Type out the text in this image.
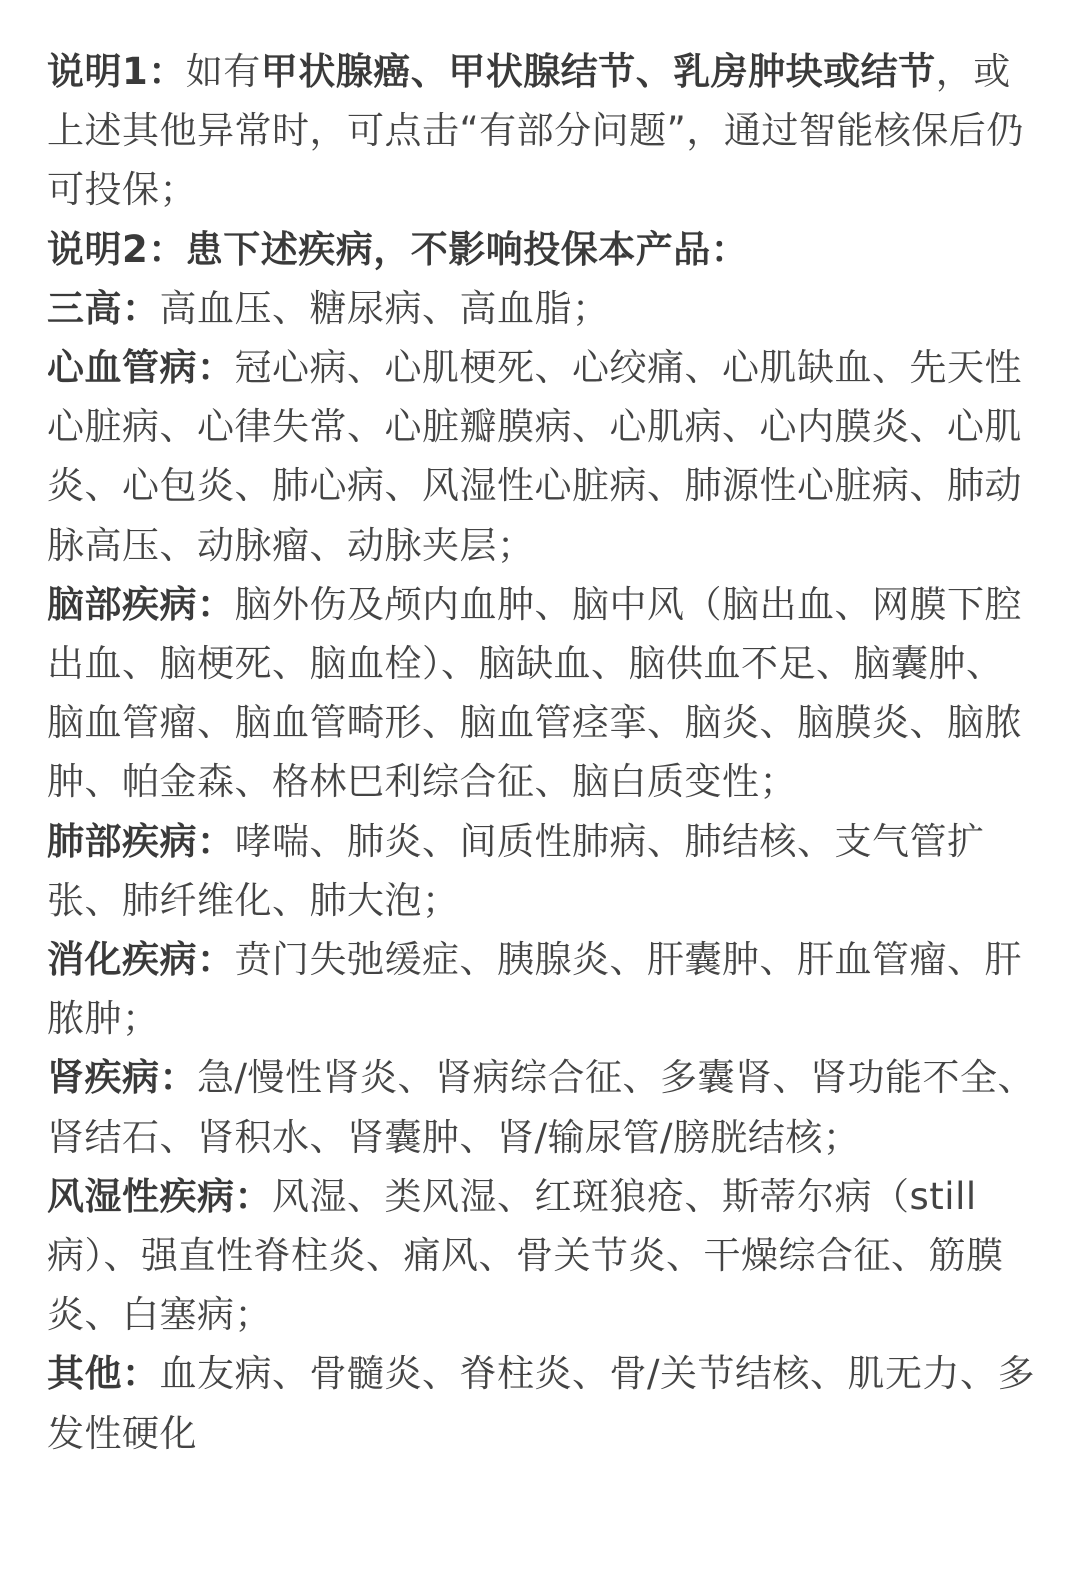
说明1：如有甲状腺癌、甲状腺结节、乳房肿块或结节，或上述其他异常时，可点击“有部分问题”，通过智能核保后仍可投保；

说明2：患下述疾病，不影响投保本产品：

三高：高血压、糖尿病、高血脂；

心血管病：冠心病、心肌梗死、心绞痛、心肌缺血、先天性心脏病、心律失常、心脏瓣膜病、心肌病、心内膜炎、心肌炎、心包炎、肺心病、风湿性心脏病、肺源性心脏病、肺动脉高压、动脉瘤、动脉夹层；

脑部疾病：脑外伤及颅内血肿、脑中风（脑出血、网膜下腔出血、脑梗死、脑血栓）、脑缺血、脑供血不足、脑囊肿、脑血管瘤、脑血管畸形、脑血管痉挛、脑炎、脑膜炎、脑脓肿、帕金森、格林巴利综合征、脑白质变性；

肺部疾病：哮喘、肺炎、间质性肺病、肺结核、支气管扩张、肺纤维化、肺大泡；

消化疾病：贲门失弛缓症、胰腺炎、肝囊肿、肝血管瘤、肝脓肿；

肾疾病：急/慢性肾炎、肾病综合征、多囊肾、肾功能不全、肾结石、肾积水、肾囊肿、肾/输尿管/膀胱结核；

风湿性疾病：风湿、类风湿、红斑狼疮、斯蒂尔病（still病）、强直性脊柱炎、痛风、骨关节炎、干燥综合征、筋膜炎、白塞病；

其他：血友病、骨髓炎、脊柱炎、骨/关节结核、肌无力、多发性硬化
